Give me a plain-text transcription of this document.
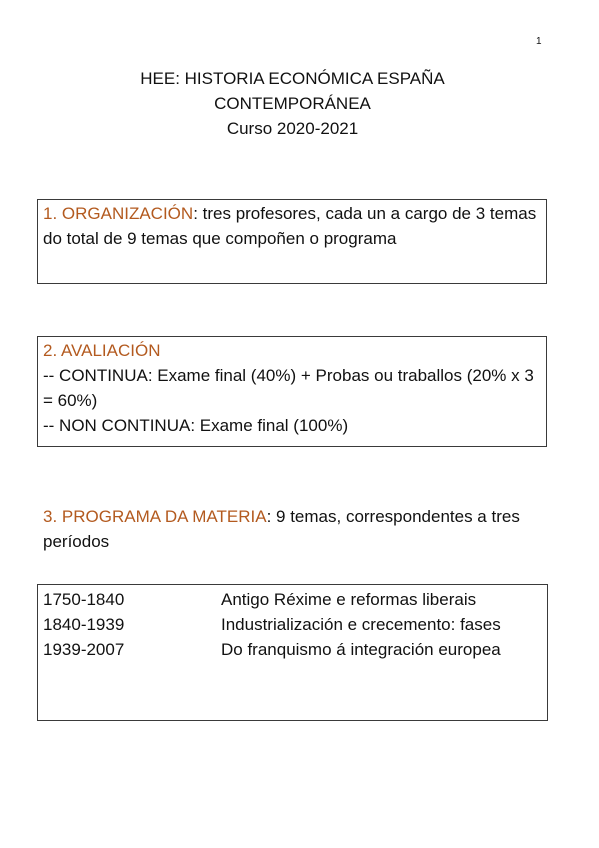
1
HEE: HISTORIA ECONÓMICA ESPAÑA
CONTEMPORÁNEA
Curso 2020-2021
1. ORGANIZACIÓN: tres profesores, cada un a cargo de 3 temas do total de 9 temas que compoñen o programa
2. AVALIACIÓN
-- CONTINUA: Exame final (40%) + Probas ou traballos (20% x 3 = 60%)
-- NON CONTINUA: Exame final (100%)
3. PROGRAMA DA MATERIA: 9 temas, correspondentes a tres períodos
1750-1840	Antigo Réxime e reformas liberais
1840-1939	Industrialización e crecemento: fases
1939-2007	Do franquismo á integración europea
